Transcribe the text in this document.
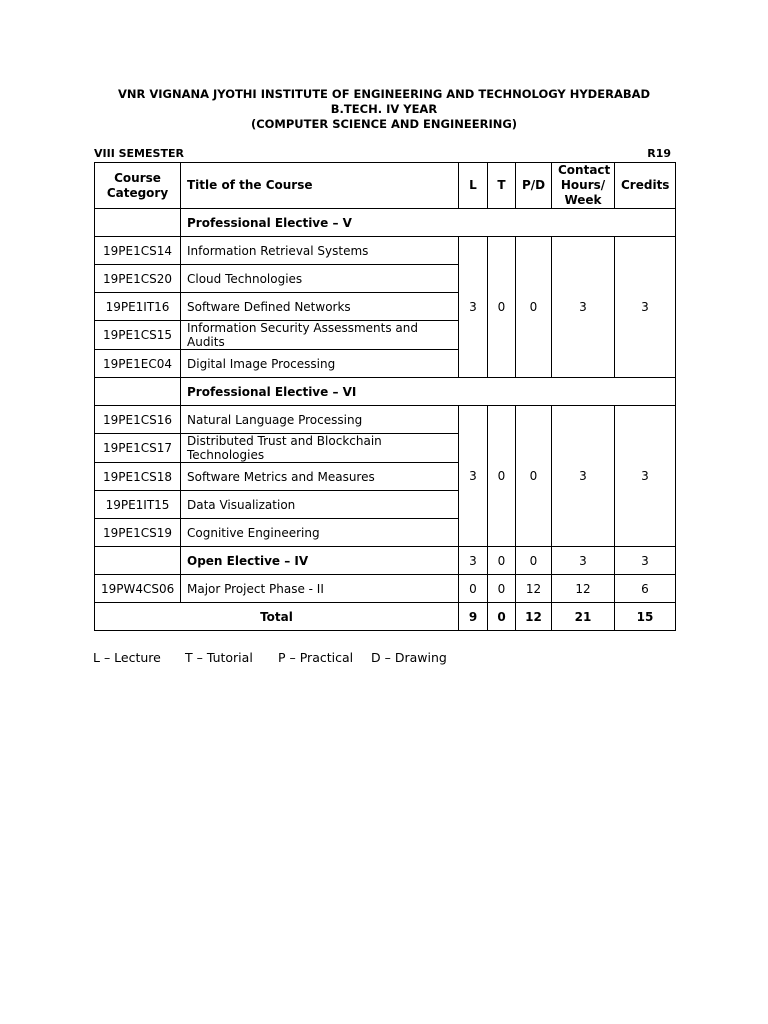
VNR VIGNANA JYOTHI INSTITUTE OF ENGINEERING AND TECHNOLOGY HYDERABAD
B.TECH. IV YEAR
(COMPUTER SCIENCE AND ENGINEERING)
VIII SEMESTER	R19
Course Category	Title of the Course	L	T	P/D	Contact Hours/ Week	Credits
	Professional Elective – V					
19PE1CS14	Information Retrieval Systems	3	0	0	3	3
19PE1CS20	Cloud Technologies					
19PE1IT16	Software Defined Networks					
19PE1CS15	Information Security Assessments and Audits					
19PE1EC04	Digital Image Processing					
	Professional Elective – VI					
19PE1CS16	Natural Language Processing	3	0	0	3	3
19PE1CS17	Distributed Trust and Blockchain Technologies					
19PE1CS18	Software Metrics and Measures					
19PE1IT15	Data Visualization					
19PE1CS19	Cognitive Engineering					
	Open Elective – IV	3	0	0	3	3
19PW4CS06	Major Project Phase - II	0	0	12	12	6
Total		9	0	12	21	15
L – Lecture T – Tutorial P – Practical D – Drawing
